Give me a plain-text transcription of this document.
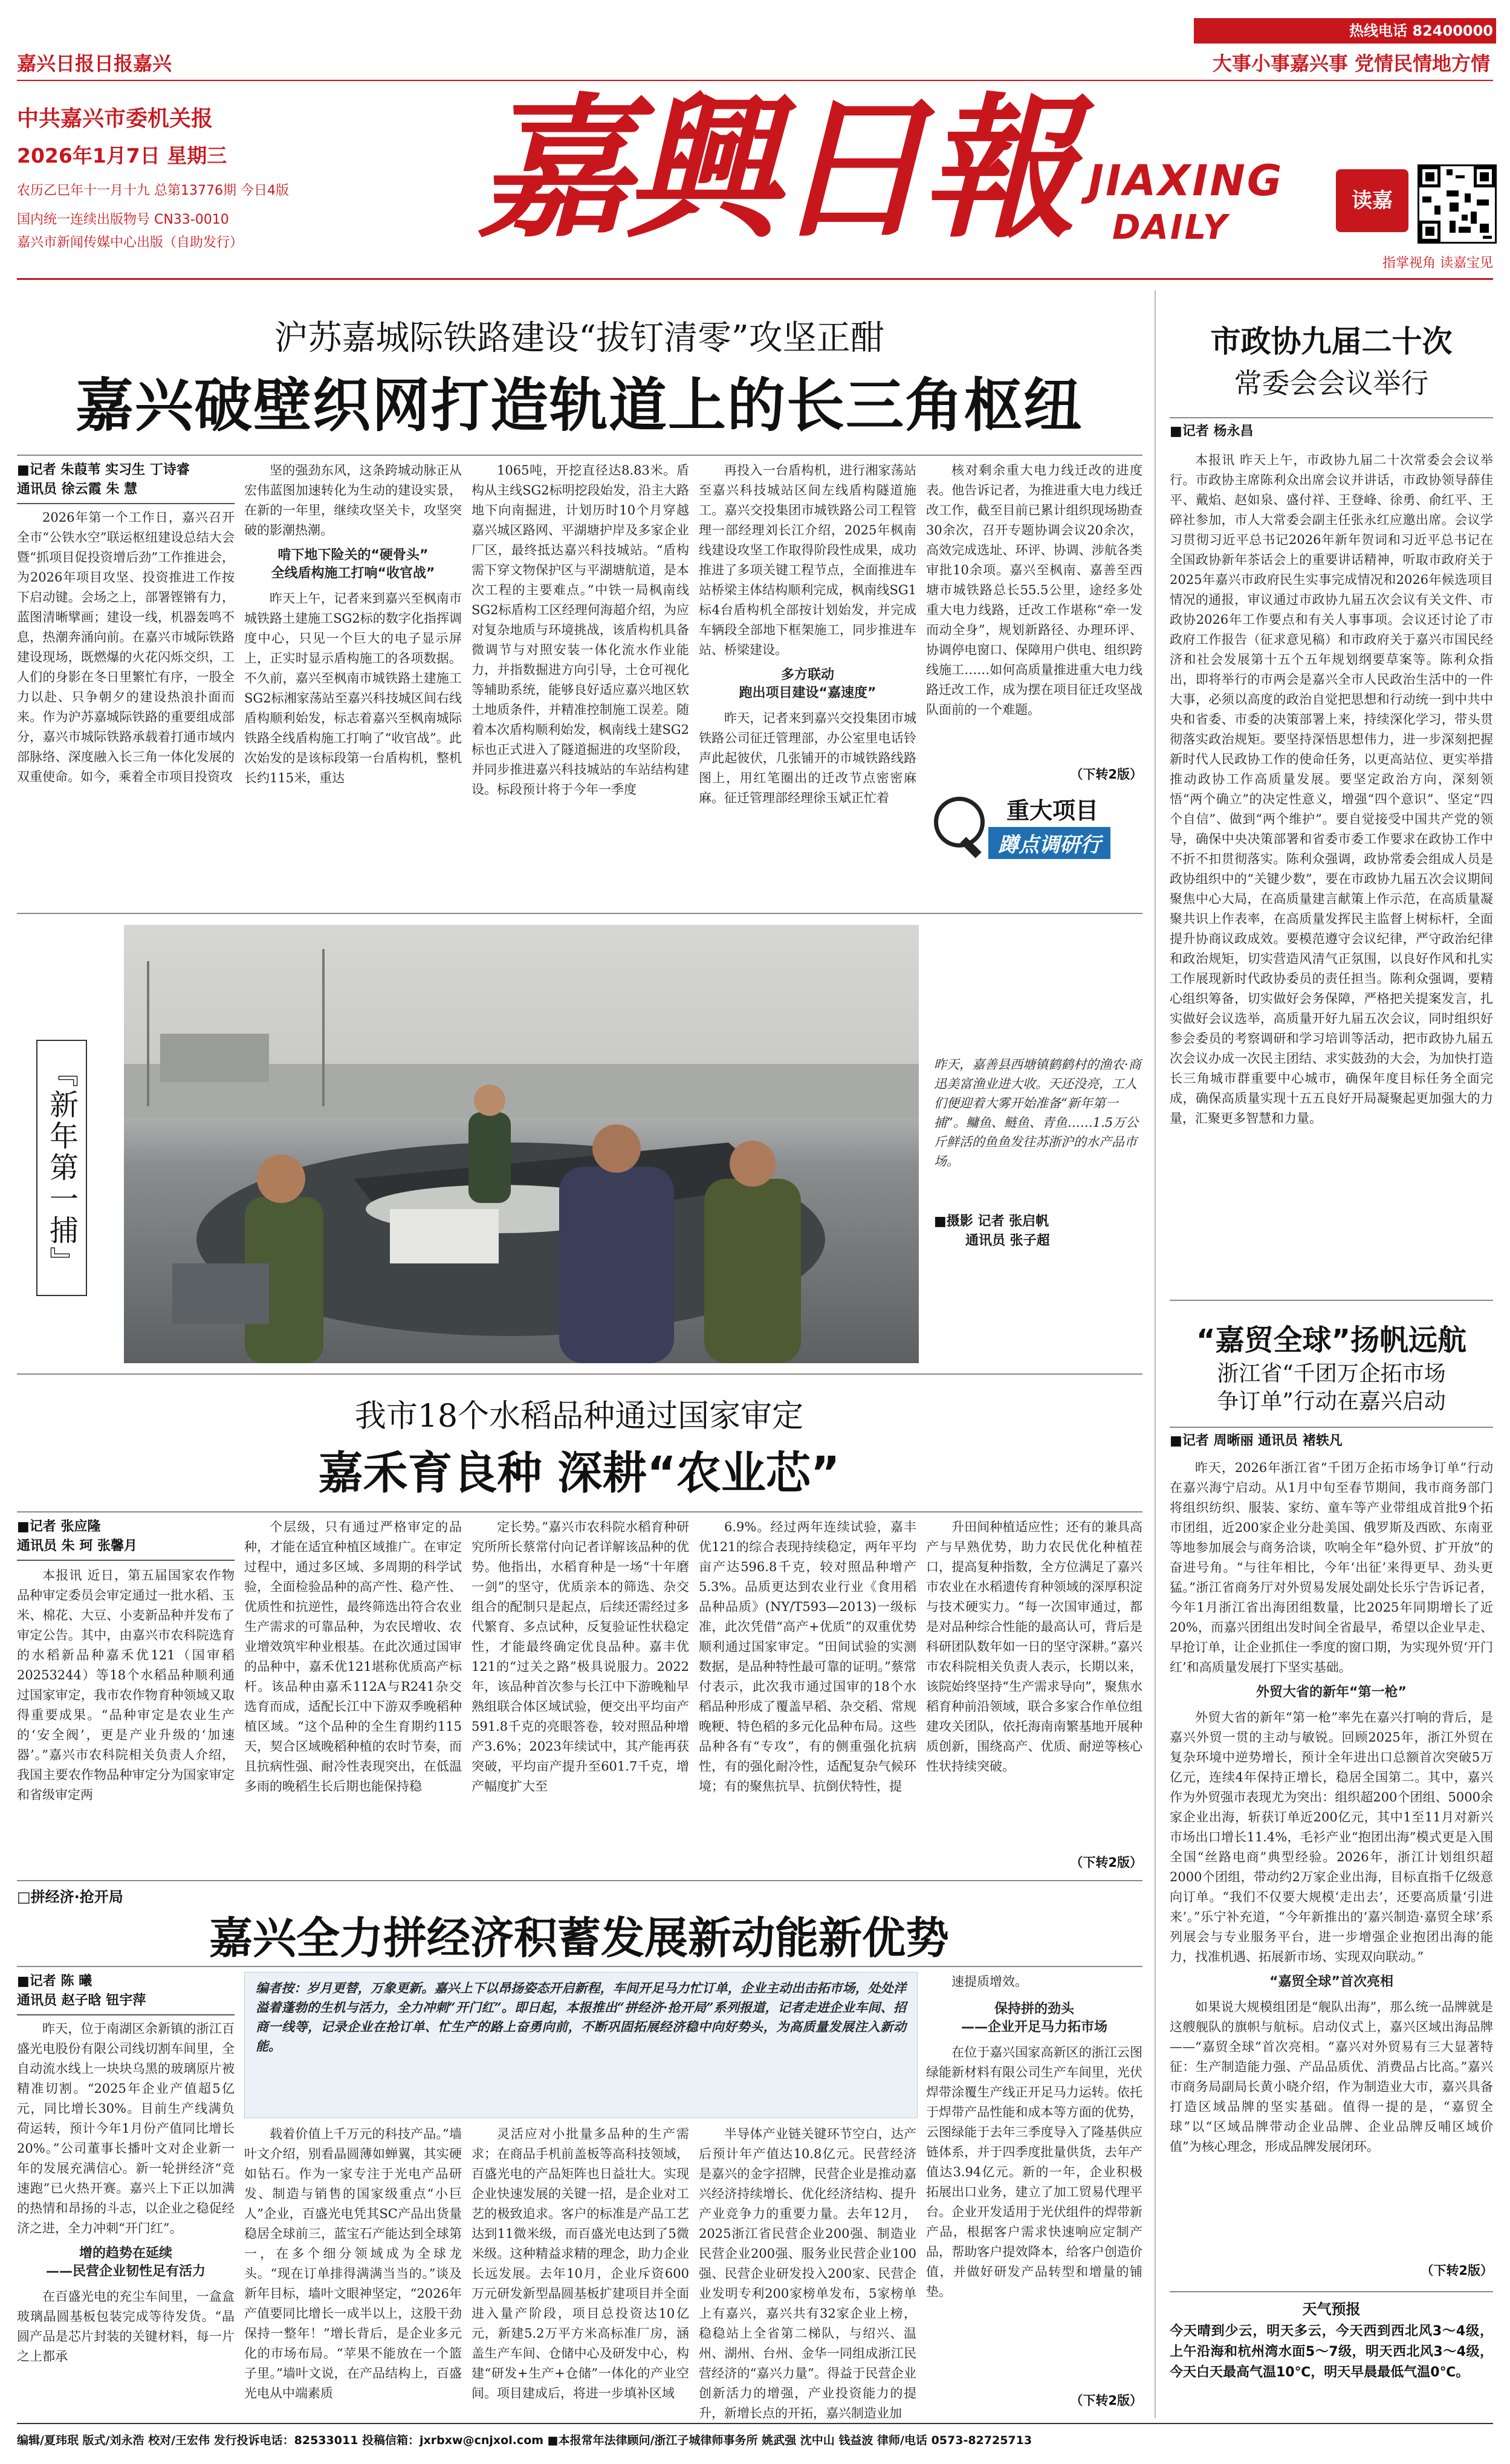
热线电话 82400000
嘉兴日报日报嘉兴	大事小事嘉兴事 党情民情地方情
中共嘉兴市委机关报
2026年1月7日 星期三
农历乙巳年十一月十九 总第13776期 今日4版
国内统一连续出版物号 CN33-0010
嘉兴市新闻传媒中心出版（自助发行） 嘉興日報 JIAXING
DAILY
读嘉
指掌视角 读嘉宝见
沪苏嘉城际铁路建设“拔钉清零”攻坚正酣
嘉兴破壁织网打造轨道上的长三角枢纽
■记者 朱葭苇 实习生 丁诗睿
通讯员 徐云霞 朱 慧

2026年第一个工作日，嘉兴召开全市“公铁水空”联运枢纽建设总结大会暨“抓项目促投资增后劲”工作推进会，为2026年项目攻坚、投资推进工作按下启动键。会场之上，部署铿锵有力，蓝图清晰擘画；建设一线，机器轰鸣不息，热潮奔涌向前。在嘉兴市城际铁路建设现场，既燃爆的火花闪烁交织，工人们的身影在冬日里繁忙有序，一股全力以赴、只争朝夕的建设热浪扑面而来。作为沪苏嘉城际铁路的重要组成部分，嘉兴市城际铁路承载着打通市域内部脉络、深度融入长三角一体化发展的双重使命。如今，乘着全市项目投资攻

坚的强劲东风，这条跨城动脉正从宏伟蓝图加速转化为生动的建设实景，在新的一年里，继续攻坚关卡，攻坚突破的影潮热潮。

啃下地下险关的“硬骨头”
全线盾构施工打响“收官战”

昨天上午，记者来到嘉兴至枫南市城铁路土建施工SG2标的数字化指挥调度中心，只见一个巨大的电子显示屏上，正实时显示盾构施工的各项数据。不久前，嘉兴至枫南市城铁路土建施工SG2标湘家荡站至嘉兴科技城区间右线盾构顺利始发，标志着嘉兴至枫南城际铁路全线盾构施工打响了“收官战”。此次始发的是该标段第一台盾构机，整机长约115米，重达

1065吨，开挖直径达8.83米。盾构从主线SG2标明挖段始发，沿主大路地下向南掘进，计划历时10个月穿越嘉兴城区路网、平湖塘护岸及多家企业厂区，最终抵达嘉兴科技城站。“盾构需下穿文物保护区与平湖塘航道，是本次工程的主要难点。”中铁一局枫南线SG2标盾构工区经理何海超介绍，为应对复杂地质与环境挑战，该盾构机具备微调节与对照安装一体化流水作业能力，并指数掘进方向引导，土仓可视化等辅助系统，能够良好适应嘉兴地区软土地质条件，并精准控制施工误差。随着本次盾构顺利始发，枫南线土建SG2标也正式进入了隧道掘进的攻坚阶段，并同步推进嘉兴科技城站的车站结构建设。标段预计将于今年一季度

再投入一台盾构机，进行湘家荡站至嘉兴科技城站区间左线盾构隧道施工。嘉兴交投集团市城铁路公司工程管理一部经理刘长江介绍，2025年枫南线建设攻坚工作取得阶段性成果，成功推进了多项关键工程节点，全面推进车站桥梁主体结构顺利完成，枫南线SG1标4台盾构机全部按计划始发，并完成车辆段全部地下框架施工，同步推进车站、桥梁建设。

多方联动
跑出项目建设“嘉速度”

昨天，记者来到嘉兴交投集团市城铁路公司征迁管理部，办公室里电话铃声此起彼伏，几张铺开的市城铁路线路图上，用红笔圈出的迁改节点密密麻麻。征迁管理部经理徐玉斌正忙着

核对剩余重大电力线迁改的进度表。他告诉记者，为推进重大电力线迁改工作，截至目前已累计组织现场勘查30余次，召开专题协调会议20余次，高效完成选址、环评、协调、涉航各类审批10余项。嘉兴至枫南、嘉善至西塘市城铁路总长55.5公里，途经多处重大电力线路，迁改工作堪称“牵一发而动全身”，规划新路径、办理环评、协调停电窗口、保障用户供电、组织跨线施工……如何高质量推进重大电力线路迁改工作，成为摆在项目征迁攻坚战队面前的一个难题。

（下转2版）
重大项目
蹲点调研行
『新年第一捕』	昨天，嘉善县西塘镇鹤鹤村的渔农·商迅美富渔业进大收。天还没亮，工人们便迎着大雾开始准备“新年第一捕”。鳙鱼、鲢鱼、青鱼……1.5万公斤鲜活的鱼鱼发往苏浙沪的水产品市场。
■摄影 记者 张启帆
通讯员 张子超
我市18个水稻品种通过国家审定
嘉禾育良种 深耕“农业芯”
■记者 张应隆
通讯员 朱 珂 张馨月

本报讯 近日，第五届国家农作物品种审定委员会审定通过一批水稻、玉米、棉花、大豆、小麦新品种并发布了审定公告。其中，由嘉兴市农科院选育的水稻新品种嘉禾优121（国审稻20253244）等18个水稻品种顺利通过国家审定，我市农作物育种领域又取得重要成果。“品种审定是农业生产的‘安全阀’，更是产业升级的‘加速器’。”嘉兴市农科院相关负责人介绍，我国主要农作物品种审定分为国家审定和省级审定两

个层级，只有通过严格审定的品种，才能在适宜种植区域推广。在审定过程中，通过多区域、多周期的科学试验，全面检验品种的高产性、稳产性、优质性和抗逆性，最终筛选出符合农业生产需求的可靠品种，为农民增收、农业增效筑牢种业根基。在此次通过国审的品种中，嘉禾优121堪称优质高产标杆。该品种由嘉禾112A与R241杂交选育而成，适配长江中下游双季晚稻种植区域。“这个品种的全生育期约115天，契合区域晚稻种植的农时节奏，而且抗病性强、耐冷性表现突出，在低温多雨的晚稻生长后期也能保持稳

定长势。”嘉兴市农科院水稻育种研究所所长蔡常付向记者详解该品种的优势。他指出，水稻育种是一场“十年磨一剑”的坚守，优质亲本的筛选、杂交组合的配制只是起点，后续还需经过多代繁育、多点试种，反复验证性状稳定性，才能最终确定优良品种。嘉丰优121的“过关之路”极具说服力。2022年，该品种首次参与长江中下游晚籼早熟组联合体区域试验，便交出平均亩产591.8千克的亮眼答卷，较对照品种增产3.6%；2023年续试中，其产能再获突破，平均亩产提升至601.7千克，增产幅度扩大至

6.9%。经过两年连续试验，嘉丰优121的综合表现持续稳定，两年平均亩产达596.8千克，较对照品种增产5.3%。品质更达到农业行业《食用稻品种品质》(NY/T593—2013)一级标准，此次凭借“高产+优质”的双重优势顺利通过国家审定。“田间试验的实测数据，是品种特性最可靠的证明。”蔡常付表示，此次我市通过国审的18个水稻品种形成了覆盖早稻、杂交稻、常规晚粳、特色稻的多元化品种布局。这些品种各有“专攻”，有的侧重强化抗病性，有的强化耐冷性，适配复杂气候环境；有的聚焦抗旱、抗倒伏特性，提

升田间种植适应性；还有的兼具高产与早熟优势，助力农民优化种植茬口，提高复种指数，全方位满足了嘉兴市农业在水稻遗传育种领域的深厚积淀与技术硬实力。“每一次国审通过，都是对品种综合性能的最高认可，背后是科研团队数年如一日的坚守深耕。”嘉兴市农科院相关负责人表示，长期以来，该院始终坚持“生产需求导向”，聚焦水稻育种前沿领域，联合多家合作单位组建攻关团队，依托海南南繁基地开展种质创新，围绕高产、优质、耐逆等核心性状持续突破。

（下转2版）
□拼经济·抢开局
嘉兴全力拼经济积蓄发展新动能新优势
■记者 陈 曦
通讯员 赵子晗 钮宇萍

昨天，位于南湖区余新镇的浙江百盛光电股份有限公司线切割车间里，全自动流水线上一块块乌黑的玻璃原片被精准切割。“2025年企业产值超5亿元，同比增长30%。目前生产线满负荷运转，预计今年1月份产值同比增长20%。”公司董事长播叶文对企业新一年的发展充满信心。新一轮拼经济“竞速跑”已火热开赛。嘉兴上下正以加满的热情和昂扬的斗志，以企业之稳促经济之进，全力冲刺“开门红”。

增的趋势在延续
——民营企业韧性足有活力

在百盛光电的充尘车间里，一盒盒玻璃晶圆基板包装完成等待发货。“晶圆产品是芯片封装的关键材料，每一片之上都承

编者按：岁月更替，万象更新。嘉兴上下以昂扬姿态开启新程，车间开足马力忙订单，企业主动出击拓市场，处处洋溢着蓬勃的生机与活力，全力冲刺“开门红”。即日起，本报推出“拼经济·抢开局”系列报道，记者走进企业车间、招商一线等，记录企业在抢订单、忙生产的路上奋勇向前，不断巩固拓展经济稳中向好势头，为高质量发展注入新动能。

载着价值上千万元的科技产品。”墙叶文介绍，别看晶圆薄如蝉翼，其实硬如钻石。作为一家专注于光电产品研发、制造与销售的国家级重点“小巨人”企业，百盛光电凭其SC产品出货量稳居全球前三，蓝宝石产能达到全球第一，在多个细分领域成为全球龙头。“现在订单排得满满当当的。”谈及新年目标，墙叶文眼神坚定，“2026年产值要同比增长一成半以上，这股干劲保持一整年！”增长背后，是企业多元化的市场布局。“苹果不能放在一个篮子里。”墙叶文说，在产品结构上，百盛光电从中端素质

灵活应对小批量多品种的生产需求；在商品手机前盖板等高科技领域，百盛光电的产品矩阵也日益壮大。实现企业快速发展的关键一招，是企业对工艺的极致追求。客户的标准是产品工艺达到11微米级，而百盛光电达到了5微米级。这种精益求精的理念，助力企业长远发展。去年10月，企业斥资600万元研发新型晶圆基板扩建项目并全面进入量产阶段，项目总投资达10亿元，新建5.2万平方米高标准厂房，涵盖生产车间、仓储中心及研发中心，构建“研发+生产+仓储”一体化的产业空间。项目建成后，将进一步填补区域

半导体产业链关键环节空白，达产后预计年产值达10.8亿元。民营经济是嘉兴的金字招牌，民营企业是推动嘉兴经济持续增长、优化经济结构、提升产业竞争力的重要力量。去年12月，2025浙江省民营企业200强、制造业民营企业200强、服务业民营企业100强、民营企业研发投入200家、民营企业发明专利200家榜单发布，5家榜单上有嘉兴，嘉兴共有32家企业上榜，稳稳站上全省第二梯队，与绍兴、温州、湖州、台州、金华一同组成浙江民营经济的“嘉兴力量”。得益于民营企业创新活力的增强，产业投资能力的提升，新增长点的开拓，嘉兴制造业加

速提质增效。

保持拼的劲头
——企业开足马力拓市场

在位于嘉兴国家高新区的浙江云图绿能新材料有限公司生产车间里，光伏焊带涂覆生产线正开足马力运转。依托于焊带产品性能和成本等方面的优势，云图绿能于去年三季度导入了隆基供应链体系，并于四季度批量供货，去年产值达3.94亿元。新的一年，企业积极拓展出口业务，建立了加工贸易代理平台。企业开发适用于光伏组件的焊带新产品，根据客户需求快速响应定制产品，帮助客户提效降本，给客户创造价值，并做好研发产品转型和增量的铺垫。

（下转2版）
市政协九届二十次
常委会会议举行
■记者 杨永昌

本报讯 昨天上午，市政协九届二十次常委会会议举行。市政协主席陈利众出席会议并讲话，市政协领导薛佳平、戴焰、赵如泉、盛付祥、王登峰、徐勇、俞红平、王碎社参加，市人大常委会副主任张永红应邀出席。会议学习贯彻习近平总书记2026年新年贺词和习近平总书记在全国政协新年茶话会上的重要讲话精神，听取市政府关于2025年嘉兴市政府民生实事完成情况和2026年候选项目情况的通报，审议通过市政协九届五次会议有关文件、市政协2026年工作要点和有关人事事项。会议还讨论了市政府工作报告（征求意见稿）和市政府关于嘉兴市国民经济和社会发展第十五个五年规划纲要草案等。陈利众指出，即将举行的市两会是嘉兴全市人民政治生活中的一件大事，必须以高度的政治自觉把思想和行动统一到中共中央和省委、市委的决策部署上来，持续深化学习，带头贯彻落实政治规矩。要坚持深悟思想伟力，进一步深刻把握新时代人民政协工作的使命任务，以更高站位、更实举措推动政协工作高质量发展。要坚定政治方向，深刻领悟“两个确立”的决定性意义，增强“四个意识”、坚定“四个自信”、做到“两个维护”。要自觉接受中国共产党的领导，确保中央决策部署和省委市委工作要求在政协工作中不折不扣贯彻落实。陈利众强调，政协常委会组成人员是政协组织中的“关键少数”，要在市政协九届五次会议期间聚焦中心大局，在高质量建言献策上作示范，在高质量凝聚共识上作表率，在高质量发挥民主监督上树标杆，全面提升协商议政成效。要模范遵守会议纪律，严守政治纪律和政治规矩，切实营造风清气正氛围，以良好作风和扎实工作展现新时代政协委员的责任担当。陈利众强调，要精心组织筹备，切实做好会务保障，严格把关提案发言，扎实做好会议选举，高质量开好九届五次会议，同时组织好参会委员的考察调研和学习培训等活动，把市政协九届五次会议办成一次民主团结、求实鼓劲的大会，为加快打造长三角城市群重要中心城市，确保年度目标任务全面完成，确保高质量实现十五五良好开局凝聚起更加强大的力量，汇聚更多智慧和力量。

“嘉贸全球”扬帆远航
浙江省“千团万企拓市场
争订单”行动在嘉兴启动
■记者 周晰丽 通讯员 褚轶凡

昨天，2026年浙江省“千团万企拓市场争订单”行动在嘉兴海宁启动。从1月中旬至春节期间，我市商务部门将组织纺织、服装、家纺、童车等产业带组成首批9个拓市团组，近200家企业分赴美国、俄罗斯及西欧、东南亚等地参加展会与商务洽谈，吹响全年“稳外贸、扩开放”的奋进号角。“与往年相比，今年‘出征’来得更早、劲头更猛。”浙江省商务厅对外贸易发展处副处长乐宁告诉记者，今年1月浙江省出海团组数量，比2025年同期增长了近20%，而嘉兴团组出发时间全省最早，希望以企业早走、早抢订单，让企业抓住一季度的窗口期，为实现外贸‘开门红’和高质量发展打下坚实基础。

外贸大省的新年“第一枪”

外贸大省的新年“第一枪”率先在嘉兴打响的背后，是嘉兴外贸一贯的主动与敏锐。回顾2025年，浙江外贸在复杂环境中逆势增长，预计全年进出口总额首次突破5万亿元，连续4年保持正增长，稳居全国第二。其中，嘉兴作为外贸强市表现尤为突出：组织超200个团组、5000余家企业出海，斩获订单近200亿元，其中1至11月对新兴市场出口增长11.4%，毛衫产业“抱团出海”模式更是入围全国“丝路电商”典型经验。2026年，浙江计划组织超2000个团组，带动约2万家企业出海，目标直指千亿级意向订单。“我们不仅要大规模‘走出去’，还要高质量‘引进来’。”乐宁补充道，“今年新推出的‘嘉兴制造·嘉贸全球’系列展会与专业服务平台，进一步增强企业抱团出海的能力，找准机遇、拓展新市场、实现双向联动。”

“嘉贸全球”首次亮相

如果说大规模组团是“舰队出海”，那么统一品牌就是这艘舰队的旗帜与航标。启动仪式上，嘉兴区域出海品牌——“嘉贸全球”首次亮相。“嘉兴对外贸易有三大显著特征：生产制造能力强、产品品质优、消费品占比高。”嘉兴市商务局副局长黄小晓介绍，作为制造业大市，嘉兴具备打造区域品牌的坚实基础。值得一提的是，“嘉贸全球”以“区域品牌带动企业品牌、企业品牌反哺区域价值”为核心理念，形成品牌发展闭环。

（下转2版）
天气预报
今天晴到少云，明天多云，今天西到西北风3～4级，上午沿海和杭州湾水面5～7级，明天西北风3～4级，今天白天最高气温10℃，明天早晨最低气温0℃。
编辑/夏玮珉 版式/刘永浩 校对/王宏伟 发行投诉电话：82533011 投稿信箱：jxrbxw@cnjxol.com ■本报常年法律顾问/浙江子城律师事务所 姚武强 沈中山 钱益波 律师/电话 0573-82725713
